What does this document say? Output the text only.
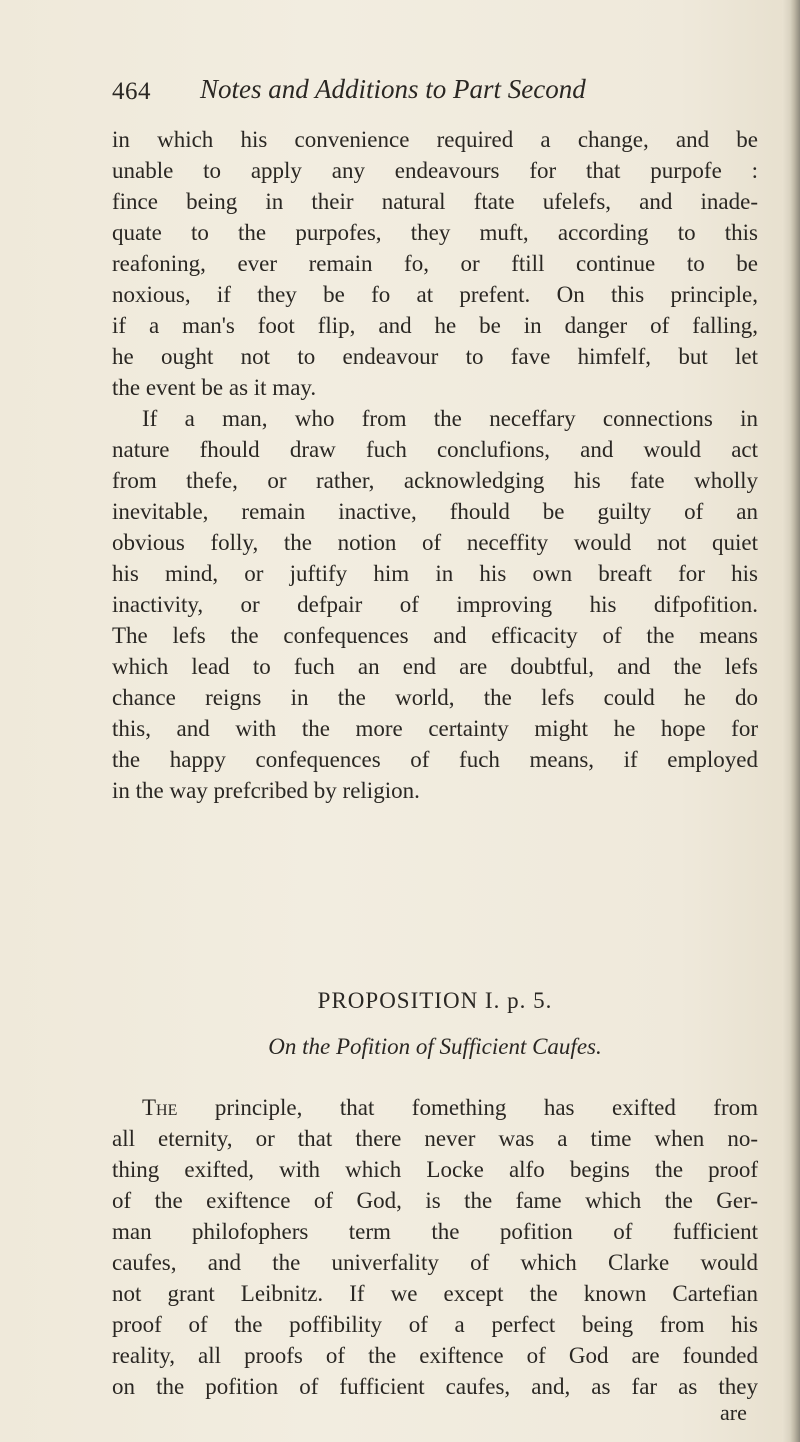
464 Notes and Additions to Part Second
in which his convenience required a change, and be
unable to apply any endeavours for that purpofe :
fince being in their natural ftate ufelefs, and inade-
quate to the purpofes, they muft, according to this
reafoning, ever remain fo, or ftill continue to be
noxious, if they be fo at prefent. On this principle,
if a man's foot flip, and he be in danger of falling,
he ought not to endeavour to fave himfelf, but let
the event be as it may.
If a man, who from the neceffary connections in
nature fhould draw fuch conclufions, and would act
from thefe, or rather, acknowledging his fate wholly
inevitable, remain inactive, fhould be guilty of an
obvious folly, the notion of neceffity would not quiet
his mind, or juftify him in his own breaft for his
inactivity, or defpair of improving his difpofition.
The lefs the confequences and efficacity of the means
which lead to fuch an end are doubtful, and the lefs
chance reigns in the world, the lefs could he do
this, and with the more certainty might he hope for
the happy confequences of fuch means, if employed
in the way prefcribed by religion.
PROPOSITION I. p. 5.
On the Pofition of Sufficient Caufes.
The principle, that fomething has exifted from
all eternity, or that there never was a time when no-
thing exifted, with which Locke alfo begins the proof
of the exiftence of God, is the fame which the Ger-
man philofophers term the pofition of fufficient
caufes, and the univerfality of which Clarke would
not grant Leibnitz. If we except the known Cartefian
proof of the poffibility of a perfect being from his
reality, all proofs of the exiftence of God are founded
on the pofition of fufficient caufes, and, as far as they
are
